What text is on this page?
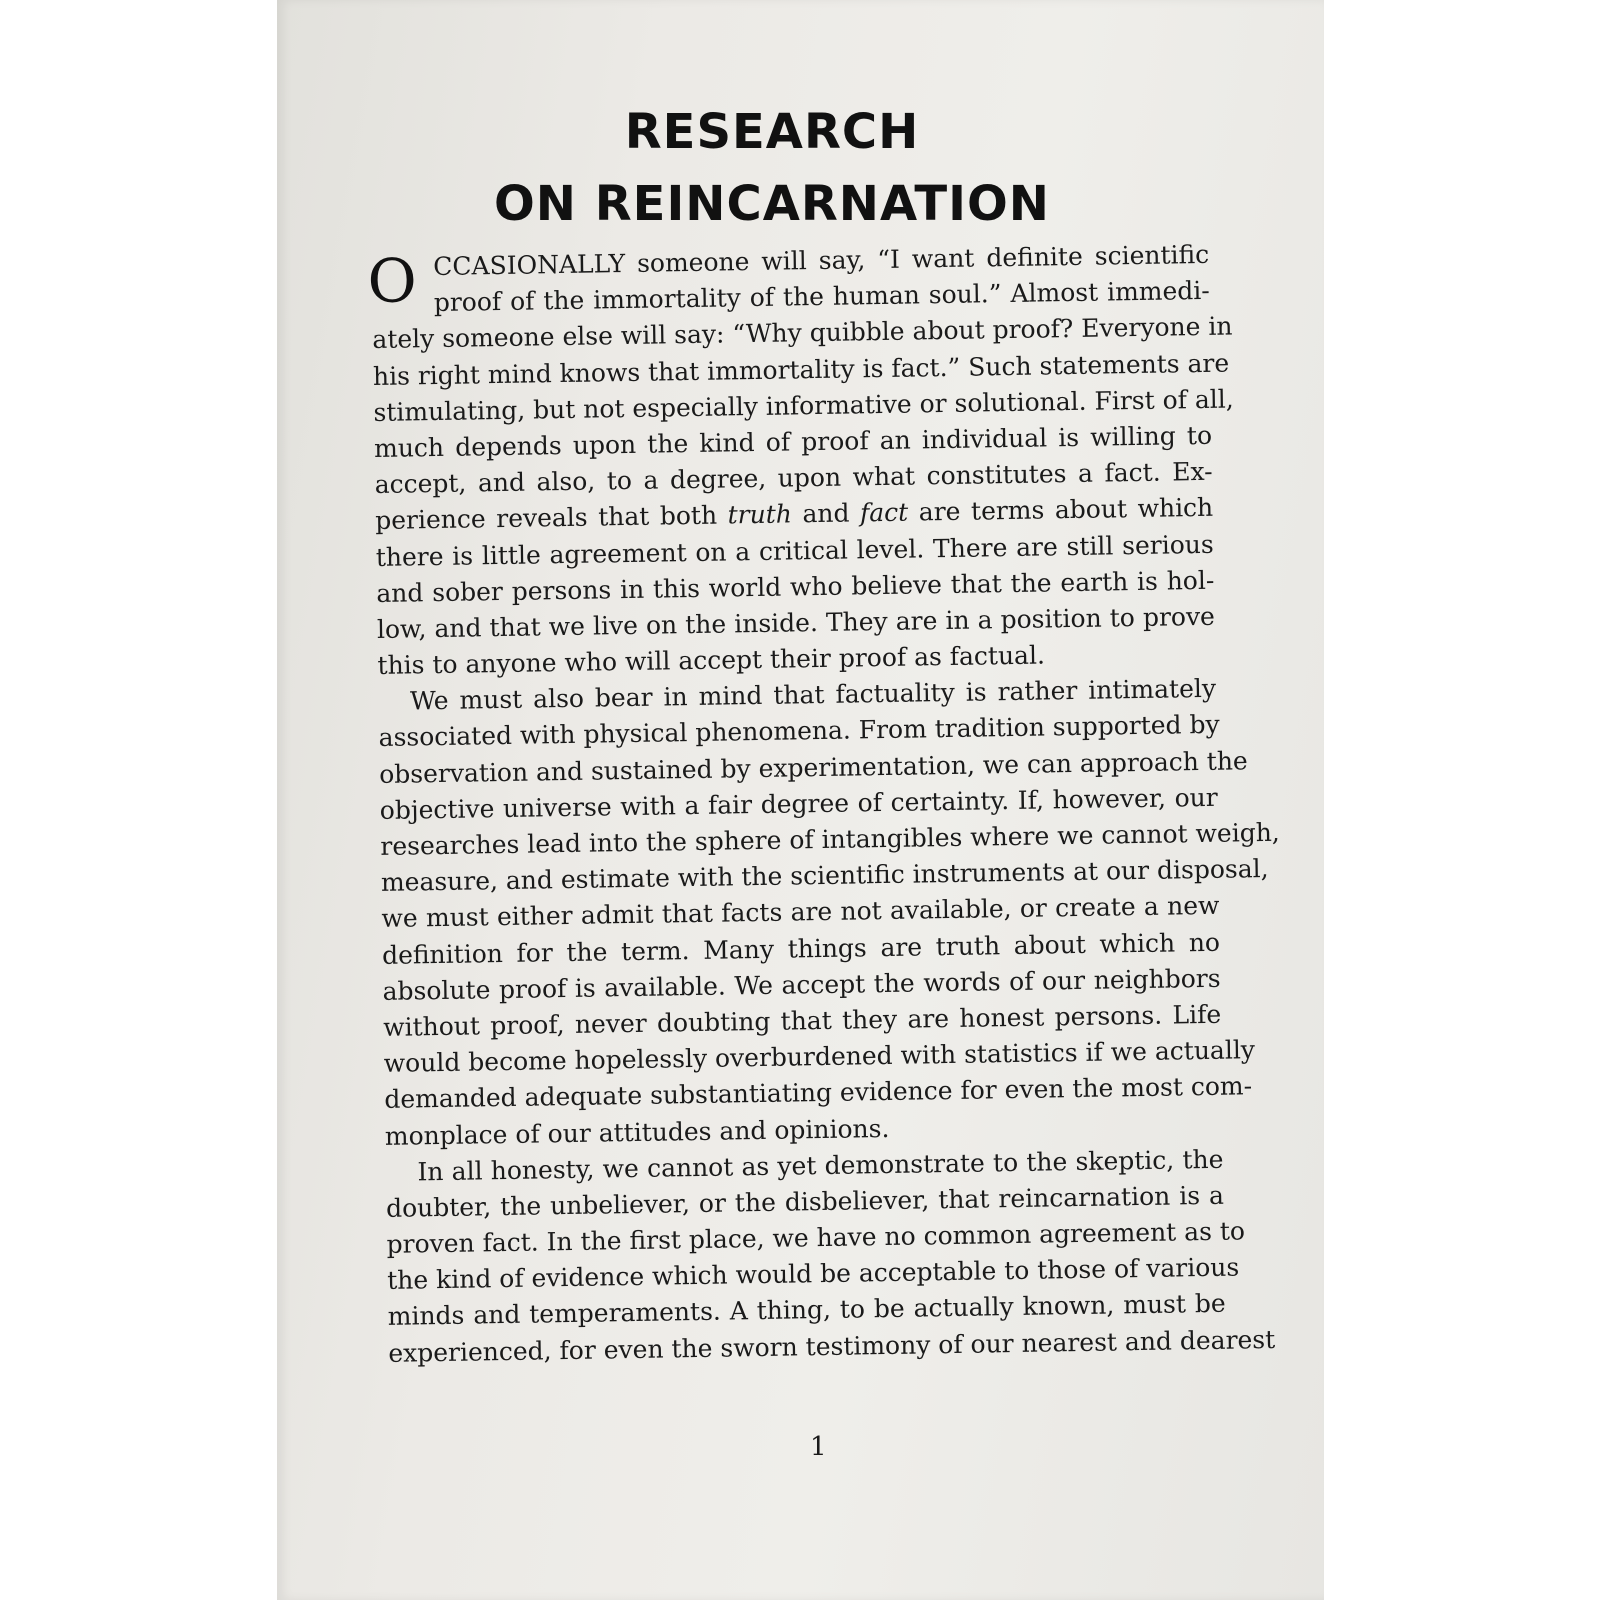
RESEARCH
ON REINCARNATION
O CCASIONALLY someone will say, “I want definite scientific
proof of the immortality of the human soul.” Almost immedi-
ately someone else will say: “Why quibble about proof? Everyone in
his right mind knows that immortality is fact.” Such statements are
stimulating, but not especially informative or solutional. First of all,
much depends upon the kind of proof an individual is willing to
accept, and also, to a degree, upon what constitutes a fact. Ex-
perience reveals that both truth and fact are terms about which
there is little agreement on a critical level. There are still serious
and sober persons in this world who believe that the earth is hol-
low, and that we live on the inside. They are in a position to prove
this to anyone who will accept their proof as factual.
We must also bear in mind that factuality is rather intimately
associated with physical phenomena. From tradition supported by
observation and sustained by experimentation, we can approach the
objective universe with a fair degree of certainty. If, however, our
researches lead into the sphere of intangibles where we cannot weigh,
measure, and estimate with the scientific instruments at our disposal,
we must either admit that facts are not available, or create a new
definition for the term. Many things are truth about which no
absolute proof is available. We accept the words of our neighbors
without proof, never doubting that they are honest persons. Life
would become hopelessly overburdened with statistics if we actually
demanded adequate substantiating evidence for even the most com-
monplace of our attitudes and opinions.
In all honesty, we cannot as yet demonstrate to the skeptic, the
doubter, the unbeliever, or the disbeliever, that reincarnation is a
proven fact. In the first place, we have no common agreement as to
the kind of evidence which would be acceptable to those of various
minds and temperaments. A thing, to be actually known, must be
experienced, for even the sworn testimony of our nearest and dearest
1
